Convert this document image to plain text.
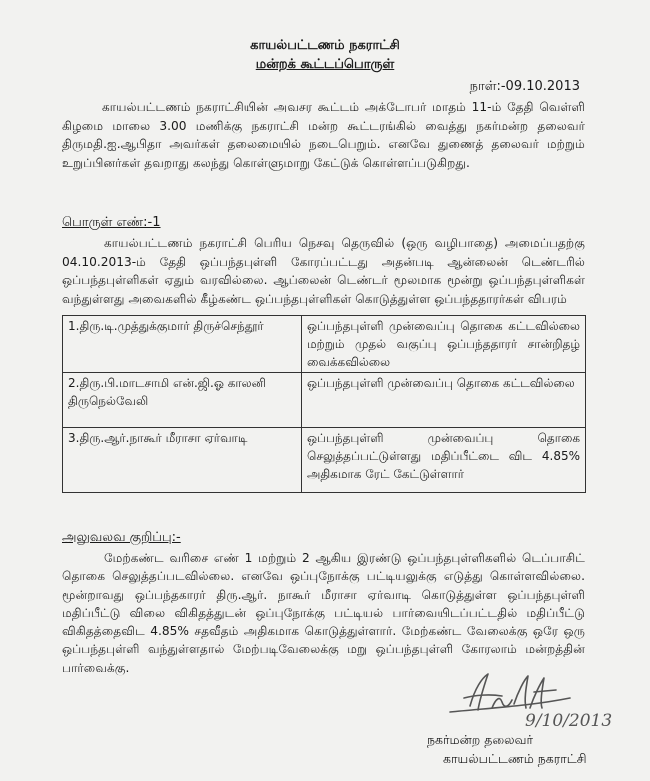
காயல்பட்டணம் நகராட்சி
மன்றக் கூட்டப்பொருள்
நாள்:-09.10.2013
காயல்பட்டணம் நகராட்சியின் அவசர கூட்டம் அக்டோபர் மாதம் 11-ம் தேதி வெள்ளி கிழமை மாலை 3.00 மணிக்கு நகராட்சி மன்ற கூட்டரங்கில் வைத்து நகர்மன்ற தலைவர் திருமதி.ஐ.ஆபிதா அவர்கள் தலைமையில் நடைபெறும். எனவே துணைத் தலைவர் மற்றும் உறுப்பினர்கள் தவறாது கலந்து கொள்ளுமாறு கேட்டுக் கொள்ளப்படுகிறது.
பொருள் எண்:-1
காயல்பட்டணம் நகராட்சி பெரிய நெசவு தெருவில் (ஒரு வழிபாதை) அமைப்பதற்கு 04.10.2013-ம் தேதி ஒப்பந்தபுள்ளி கோரப்பட்டது அதன்படி ஆன்லைன் டெண்டரில் ஒப்பந்தபுள்ளிகள் ஏதும் வரவில்லை. ஆப்லைன் டெண்டர் மூலமாக மூன்று ஒப்பந்தபுள்ளிகள் வந்துள்ளது அவைகளில் கீழ்கண்ட ஒப்பந்தபுள்ளிகள் கொடுத்துள்ள ஒப்பந்ததாரர்கள் விபரம்
1.திரு.டி.முத்துக்குமார் திருச்செந்தூர்	ஒப்பந்தபுள்ளி முன்வைப்பு தொகை கட்டவில்லை மற்றும் முதல் வகுப்பு ஒப்பந்ததாரர் சான்றிதழ் வைக்கவில்லை
2.திரு.பி.மாடசாமி என்.ஜி.ஓ காலனி திருநெல்வேலி	ஒப்பந்தபுள்ளி முன்வைப்பு தொகை கட்டவில்லை
3.திரு.ஆர்.நாகூர் மீராசா ஏர்வாடி	ஒப்பந்தபுள்ளி முன்வைப்பு தொகை செலுத்தப்பட்டுள்ளது மதிப்பீட்டை விட 4.85% அதிகமாக ரேட் கேட்டுள்ளார்
அலுவலவ குறிப்பு:-
மேற்கண்ட வரிசை எண் 1 மற்றும் 2 ஆகிய இரண்டு ஒப்பந்தபுள்ளிகளில் டெப்பாசிட் தொகை செலுத்தப்படவில்லை. எனவே ஒப்புநோக்கு பட்டியலுக்கு எடுத்து கொள்ளவில்லை. மூன்றாவது ஒப்பந்தகாரர் திரு.ஆர். நாகூர் மீராசா ஏர்வாடி கொடுத்துள்ள ஒப்பந்தபுள்ளி மதிப்பீட்டு விலை விகிதத்துடன் ஒப்புநோக்கு பட்டியல் பார்வையிடப்பட்டதில் மதிப்பீட்டு விகிதத்தைவிட 4.85% சதவீதம் அதிகமாக கொடுத்துள்ளார். மேற்கண்ட வேலைக்கு ஒரே ஒரு ஒப்பந்தபுள்ளி வந்துள்ளதால் மேற்படிவேலைக்கு மறு ஒப்பந்தபுள்ளி கோரலாம் மன்றத்தின் பார்வைக்கு.
9/10/2013
நகர்மன்ற தலைவர்
காயல்பட்டணம் நகராட்சி
